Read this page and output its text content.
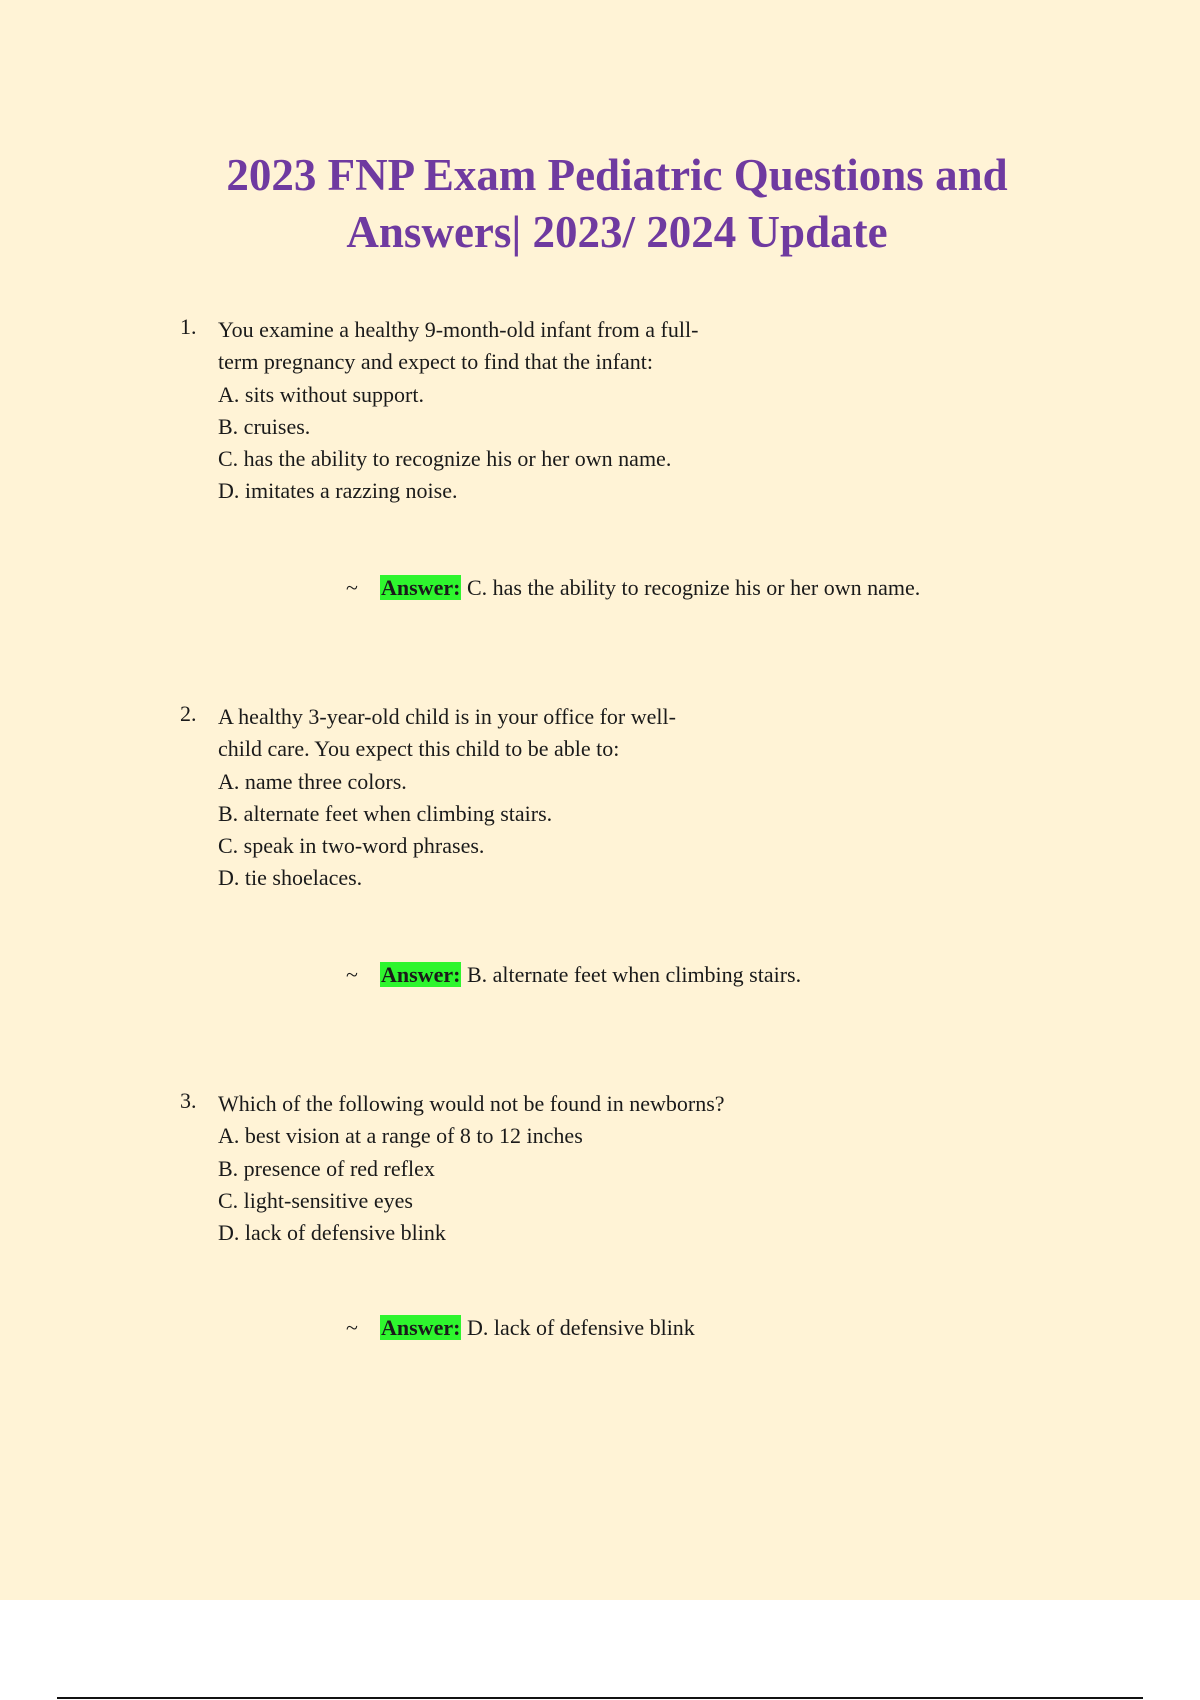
2023 FNP Exam Pediatric Questions and
Answers| 2023/ 2024 Update
1. You examine a healthy 9-month-old infant from a full-
term pregnancy and expect to find that the infant:
A. sits without support.
B. cruises.
C. has the ability to recognize his or her own name.
D. imitates a razzing noise.
~ Answer: C. has the ability to recognize his or her own name.
2. A healthy 3-year-old child is in your office for well-
child care. You expect this child to be able to:
A. name three colors.
B. alternate feet when climbing stairs.
C. speak in two-word phrases.
D. tie shoelaces.
~ Answer: B. alternate feet when climbing stairs.
3. Which of the following would not be found in newborns?
A. best vision at a range of 8 to 12 inches
B. presence of red reflex
C. light-sensitive eyes
D. lack of defensive blink
~ Answer: D. lack of defensive blink
